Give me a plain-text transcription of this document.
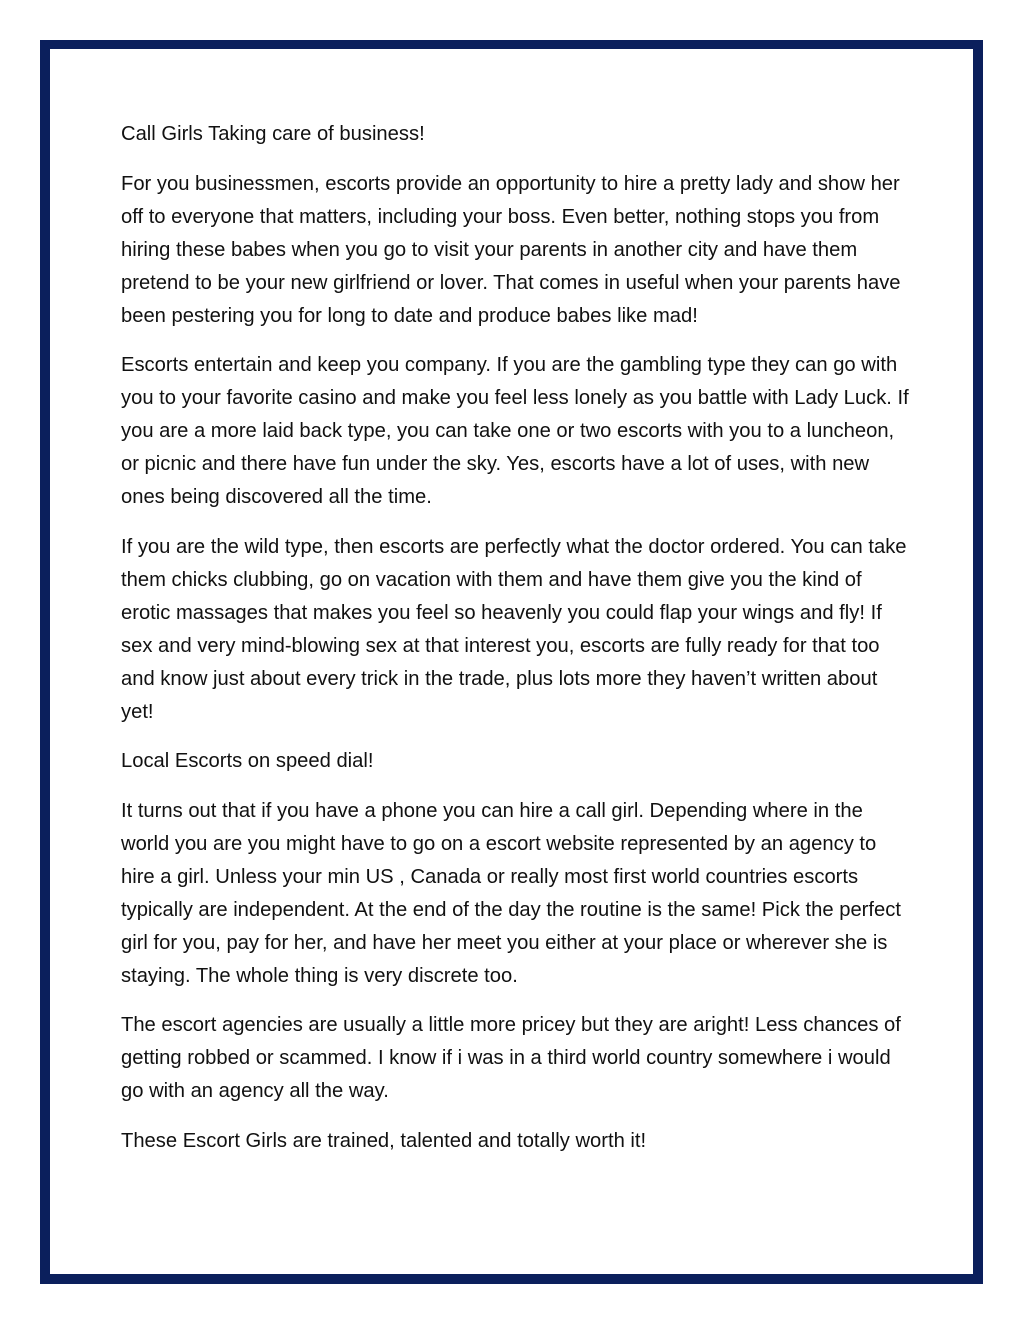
Call Girls Taking care of business!

For you businessmen, escorts provide an opportunity to hire a pretty lady and show her off to everyone that matters, including your boss. Even better, nothing stops you from hiring these babes when you go to visit your parents in another city and have them pretend to be your new girlfriend or lover. That comes in useful when your parents have been pestering you for long to date and produce babes like mad!

Escorts entertain and keep you company. If you are the gambling type they can go with you to your favorite casino and make you feel less lonely as you battle with Lady Luck. If you are a more laid back type, you can take one or two escorts with you to a luncheon, or picnic and there have fun under the sky. Yes, escorts have a lot of uses, with new ones being discovered all the time.

If you are the wild type, then escorts are perfectly what the doctor ordered. You can take them chicks clubbing, go on vacation with them and have them give you the kind of erotic massages that makes you feel so heavenly you could flap your wings and fly! If sex and very mind-blowing sex at that interest you, escorts are fully ready for that too and know just about every trick in the trade, plus lots more they haven’t written about yet!

Local Escorts on speed dial!

It turns out that if you have a phone you can hire a call girl. Depending where in the world you are you might have to go on a escort website represented by an agency to hire a girl. Unless your min US , Canada or really most first world countries escorts typically are independent. At the end of the day the routine is the same! Pick the perfect girl for you, pay for her, and have her meet you either at your place or wherever she is staying. The whole thing is very discrete too.

The escort agencies are usually a little more pricey but they are aright! Less chances of getting robbed or scammed. I know if i was in a third world country somewhere i would go with an agency all the way.

These Escort Girls are trained, talented and totally worth it!
